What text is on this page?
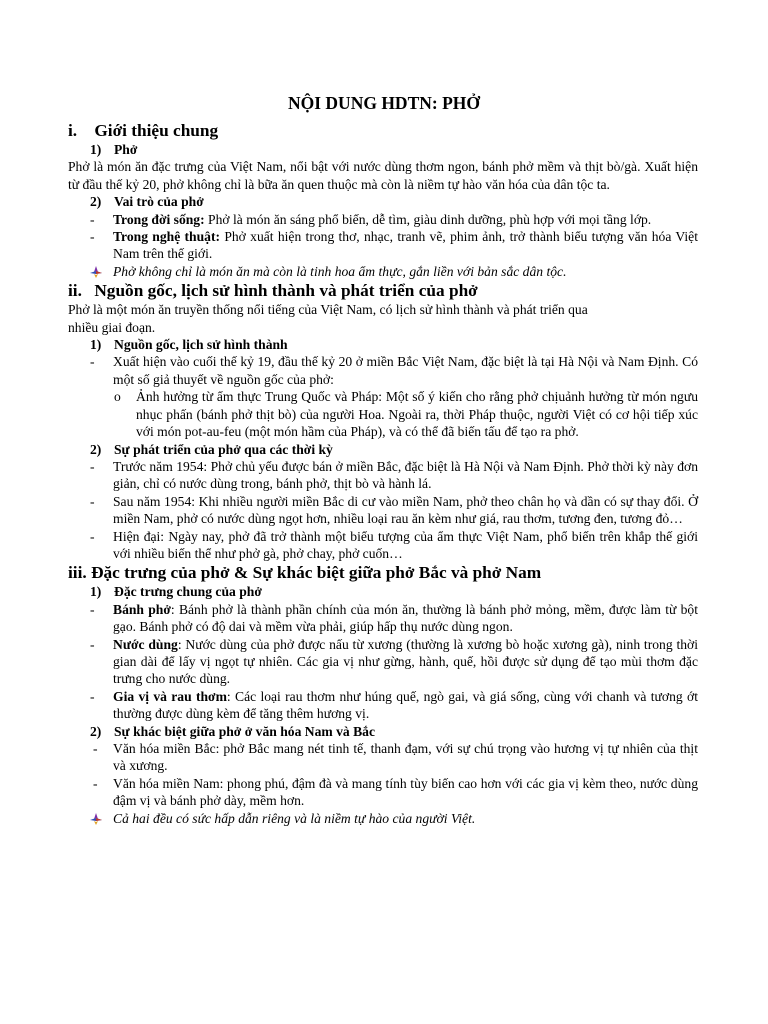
NỘI DUNG HDTN: PHỞ
i. Giới thiệu chung
1) Phở

Phở là món ăn đặc trưng của Việt Nam, nổi bật với nước dùng thơm ngon, bánh phở mềm và thịt bò/gà. Xuất hiện từ đầu thế kỷ 20, phở không chỉ là bữa ăn quen thuộc mà còn là niềm tự hào văn hóa của dân tộc ta.

2) Vai trò của phở
- Trong đời sống: Phở là món ăn sáng phổ biến, dễ tìm, giàu dinh dưỡng, phù hợp với mọi tầng lớp.
- Trong nghệ thuật: Phở xuất hiện trong thơ, nhạc, tranh vẽ, phim ảnh, trở thành biểu tượng văn hóa Việt Nam trên thế giới.
Phở không chỉ là món ăn mà còn là tinh hoa ẩm thực, gắn liền với bản sắc dân tộc.
ii. Nguồn gốc, lịch sử hình thành và phát triển của phở

Phở là một món ăn truyền thống nổi tiếng của Việt Nam, có lịch sử hình thành và phát triển qua nhiều giai đoạn.

1) Nguồn gốc, lịch sử hình thành
- Xuất hiện vào cuối thế kỷ 19, đầu thế kỷ 20 ở miền Bắc Việt Nam, đặc biệt là tại Hà Nội và Nam Định. Có một số giả thuyết về nguồn gốc của phở:
o Ảnh hưởng từ ẩm thực Trung Quốc và Pháp: Một số ý kiến cho rằng phở chịuảnh hưởng từ món ngưu nhục phấn (bánh phở thịt bò) của người Hoa. Ngoài ra, thời Pháp thuộc, người Việt có cơ hội tiếp xúc với món pot-au-feu (một món hầm của Pháp), và có thể đã biến tấu để tạo ra phở.
2) Sự phát triển của phở qua các thời kỳ
- Trước năm 1954: Phở chủ yếu được bán ở miền Bắc, đặc biệt là Hà Nội và Nam Định. Phở thời kỳ này đơn giản, chỉ có nước dùng trong, bánh phở, thịt bò và hành lá.
- Sau năm 1954: Khi nhiều người miền Bắc di cư vào miền Nam, phở theo chân họ và dần có sự thay đổi. Ở miền Nam, phở có nước dùng ngọt hơn, nhiều loại rau ăn kèm như giá, rau thơm, tương đen, tương đỏ…
- Hiện đại: Ngày nay, phở đã trở thành một biểu tượng của ẩm thực Việt Nam, phổ biến trên khắp thế giới với nhiều biến thể như phở gà, phở chay, phở cuốn…
iii. Đặc trưng của phở & Sự khác biệt giữa phở Bắc và phở Nam
1) Đặc trưng chung của phở
- Bánh phở: Bánh phở là thành phần chính của món ăn, thường là bánh phở mỏng, mềm, được làm từ bột gạo. Bánh phở có độ dai và mềm vừa phải, giúp hấp thụ nước dùng ngon.
- Nước dùng: Nước dùng của phở được nấu từ xương (thường là xương bò hoặc xương gà), ninh trong thời gian dài để lấy vị ngọt tự nhiên. Các gia vị như gừng, hành, quế, hồi được sử dụng để tạo mùi thơm đặc trưng cho nước dùng.
- Gia vị và rau thơm: Các loại rau thơm như húng quế, ngò gai, và giá sống, cùng với chanh và tương ớt thường được dùng kèm để tăng thêm hương vị.
2) Sự khác biệt giữa phở ở văn hóa Nam và Bắc
- Văn hóa miền Bắc: phở Bắc mang nét tinh tế, thanh đạm, với sự chú trọng vào hương vị tự nhiên của thịt và xương.
- Văn hóa miền Nam: phong phú, đậm đà và mang tính tùy biến cao hơn với các gia vị kèm theo, nước dùng đậm vị và bánh phở dày, mềm hơn.
Cả hai đều có sức hấp dẫn riêng và là niềm tự hào của người Việt.
